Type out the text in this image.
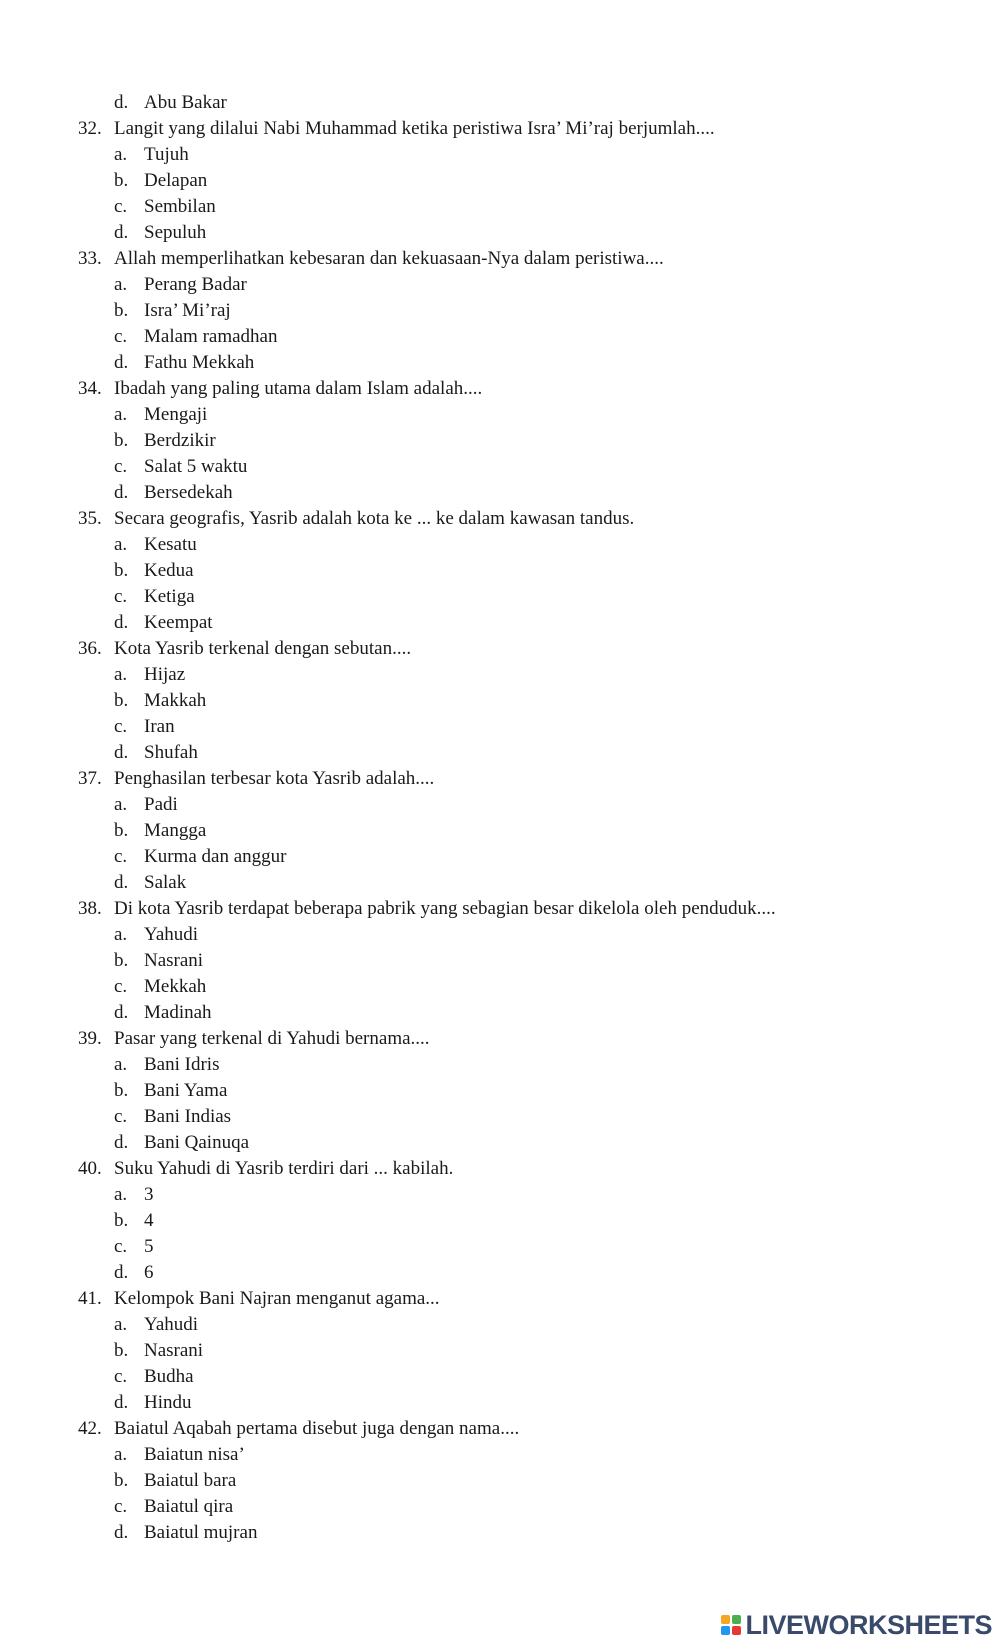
d. Abu Bakar
32. Langit yang dilalui Nabi Muhammad ketika peristiwa Isra’ Mi’raj berjumlah....
a. Tujuh
b. Delapan
c. Sembilan
d. Sepuluh
33. Allah memperlihatkan kebesaran dan kekuasaan-Nya dalam peristiwa....
a. Perang Badar
b. Isra’ Mi’raj
c. Malam ramadhan
d. Fathu Mekkah
34. Ibadah yang paling utama dalam Islam adalah....
a. Mengaji
b. Berdzikir
c. Salat 5 waktu
d. Bersedekah
35. Secara geografis, Yasrib adalah kota ke ... ke dalam kawasan tandus.
a. Kesatu
b. Kedua
c. Ketiga
d. Keempat
36. Kota Yasrib terkenal dengan sebutan....
a. Hijaz
b. Makkah
c. Iran
d. Shufah
37. Penghasilan terbesar kota Yasrib adalah....
a. Padi
b. Mangga
c. Kurma dan anggur
d. Salak
38. Di kota Yasrib terdapat beberapa pabrik yang sebagian besar dikelola oleh penduduk....
a. Yahudi
b. Nasrani
c. Mekkah
d. Madinah
39. Pasar yang terkenal di Yahudi bernama....
a. Bani Idris
b. Bani Yama
c. Bani Indias
d. Bani Qainuqa
40. Suku Yahudi di Yasrib terdiri dari ... kabilah.
a. 3
b. 4
c. 5
d. 6
41. Kelompok Bani Najran menganut agama...
a. Yahudi
b. Nasrani
c. Budha
d. Hindu
42. Baiatul Aqabah pertama disebut juga dengan nama....
a. Baiatun nisa’
b. Baiatul bara
c. Baiatul qira
d. Baiatul mujran
LIVEWORKSHEETS
